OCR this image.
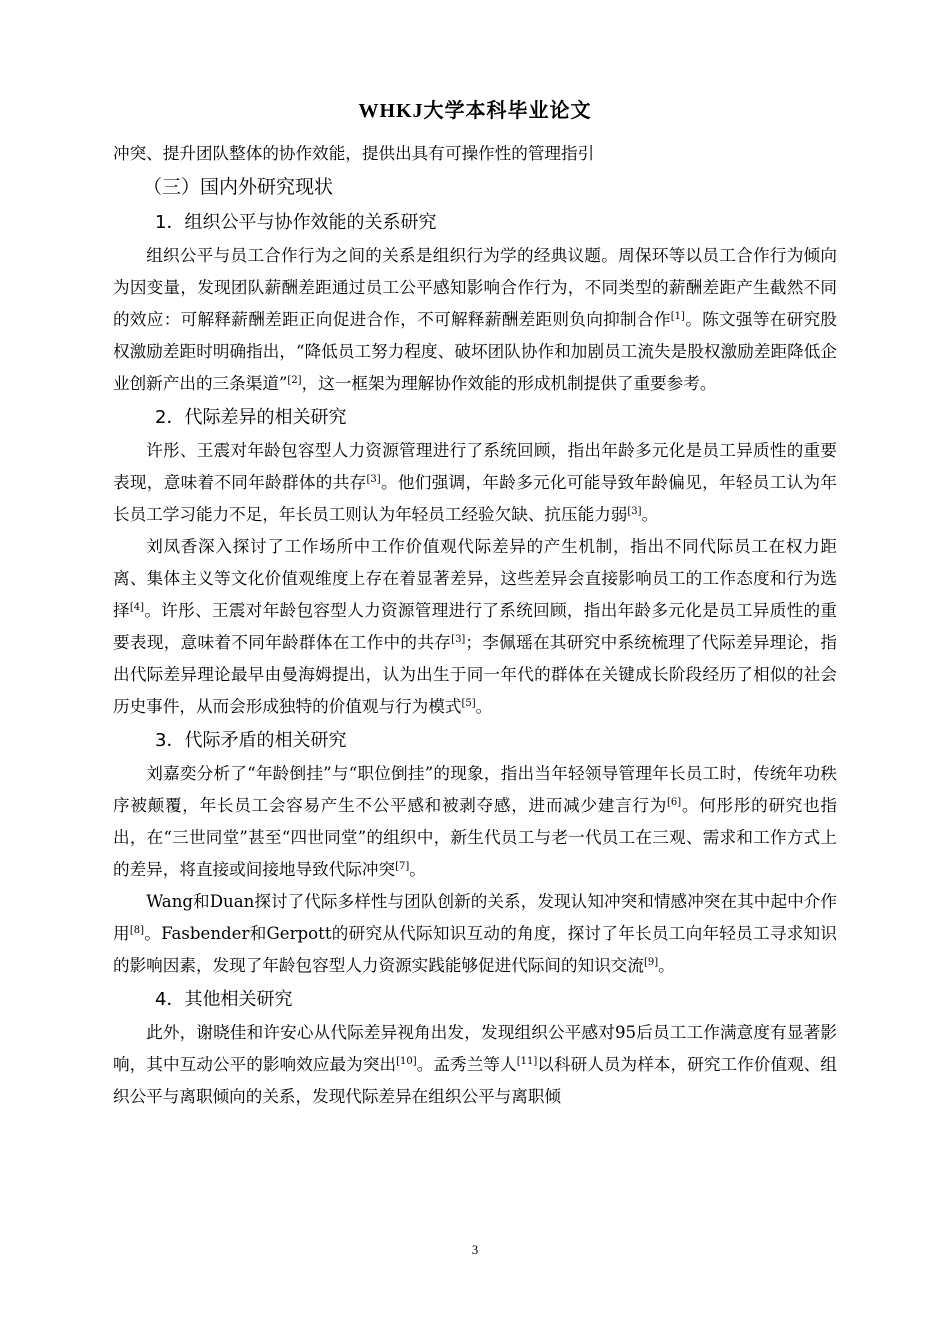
WHKJ大学本科毕业论文

冲突、提升团队整体的协作效能，提供出具有可操作性的管理指引

（三）国内外研究现状
1．组织公平与协作效能的关系研究

组织公平与员工合作行为之间的关系是组织行为学的经典议题。周保环等以员工合作行为倾向为因变量，发现团队薪酬差距通过员工公平感知影响合作行为，不同类型的薪酬差距产生截然不同的效应：可解释薪酬差距正向促进合作，不可解释薪酬差距则负向抑制合作[1]。陈文强等在研究股权激励差距时明确指出，“降低员工努力程度、破坏团队协作和加剧员工流失是股权激励差距降低企业创新产出的三条渠道”[2]，这一框架为理解协作效能的形成机制提供了重要参考。

2．代际差异的相关研究

许彤、王震对年龄包容型人力资源管理进行了系统回顾，指出年龄多元化是员工异质性的重要表现，意味着不同年龄群体的共存[3]。他们强调，年龄多元化可能导致年龄偏见，年轻员工认为年长员工学习能力不足，年长员工则认为年轻员工经验欠缺、抗压能力弱[3]。

刘凤香深入探讨了工作场所中工作价值观代际差异的产生机制，指出不同代际员工在权力距离、集体主义等文化价值观维度上存在着显著差异，这些差异会直接影响员工的工作态度和行为选择[4]。许彤、王震对年龄包容型人力资源管理进行了系统回顾，指出年龄多元化是员工异质性的重要表现，意味着不同年龄群体在工作中的共存[3]；李佩瑶在其研究中系统梳理了代际差异理论，指出代际差异理论最早由曼海姆提出，认为出生于同一年代的群体在关键成长阶段经历了相似的社会历史事件，从而会形成独特的价值观与行为模式[5]。

3．代际矛盾的相关研究

刘嘉奕分析了“年龄倒挂”与“职位倒挂”的现象，指出当年轻领导管理年长员工时，传统年功秩序被颠覆，年长员工会容易产生不公平感和被剥夺感，进而减少建言行为[6]。何彤彤的研究也指出，在“三世同堂”甚至“四世同堂”的组织中，新生代员工与老一代员工在三观、需求和工作方式上的差异，将直接或间接地导致代际冲突[7]。

Wang和Duan探讨了代际多样性与团队创新的关系，发现认知冲突和情感冲突在其中起中介作用[8]。Fasbender和Gerpott的研究从代际知识互动的角度，探讨了年长员工向年轻员工寻求知识的影响因素，发现了年龄包容型人力资源实践能够促进代际间的知识交流[9]。

4．其他相关研究

此外，谢晓佳和许安心从代际差异视角出发，发现组织公平感对95后员工工作满意度有显著影响，其中互动公平的影响效应最为突出[10]。孟秀兰等人[11]以科研人员为样本，研究工作价值观、组织公平与离职倾向的关系，发现代际差异在组织公平与离职倾

3
